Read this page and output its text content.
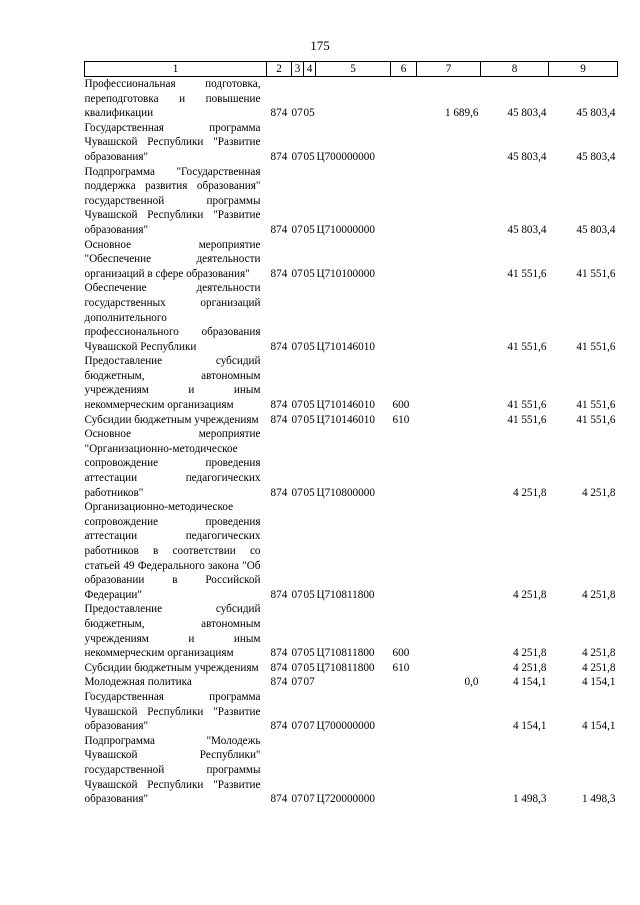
175
1	2	3	4	5	6	7	8	9
Профессиональная подготовка, переподготовка и повышение квалификации	874	07	05			1 689,6	45 803,4	45 803,4
Государственная программа Чувашской Республики "Развитие образования"	874	07	05	Ц700000000			45 803,4	45 803,4
Подпрограмма "Государственная поддержка развития образования" государственной программы Чувашской Республики "Развитие образования"	874	07	05	Ц710000000			45 803,4	45 803,4
Основное мероприятие "Обеспечение деятельности организаций в сфере образования"	874	07	05	Ц710100000			41 551,6	41 551,6
Обеспечение деятельности государственных организаций дополнительного профессионального образования Чувашской Республики	874	07	05	Ц710146010			41 551,6	41 551,6
Предоставление субсидий бюджетным, автономным учреждениям и иным некоммерческим организациям	874	07	05	Ц710146010	600		41 551,6	41 551,6
Субсидии бюджетным учреждениям	874	07	05	Ц710146010	610		41 551,6	41 551,6
Основное мероприятие "Организационно-методическое сопровождение проведения аттестации педагогических работников"	874	07	05	Ц710800000			4 251,8	4 251,8
Организационно-методическое сопровождение проведения аттестации педагогических работников в соответствии со статьей 49 Федерального закона "Об образовании в Российской Федерации"	874	07	05	Ц710811800			4 251,8	4 251,8
Предоставление субсидий бюджетным, автономным учреждениям и иным некоммерческим организациям	874	07	05	Ц710811800	600		4 251,8	4 251,8
Субсидии бюджетным учреждениям	874	07	05	Ц710811800	610		4 251,8	4 251,8
Молодежная политика	874	07	07			0,0	4 154,1	4 154,1
Государственная программа Чувашской Республики "Развитие образования"	874	07	07	Ц700000000			4 154,1	4 154,1
Подпрограмма "Молодежь Чувашской Республики" государственной программы Чувашской Республики "Развитие образования"	874	07	07	Ц720000000			1 498,3	1 498,3
